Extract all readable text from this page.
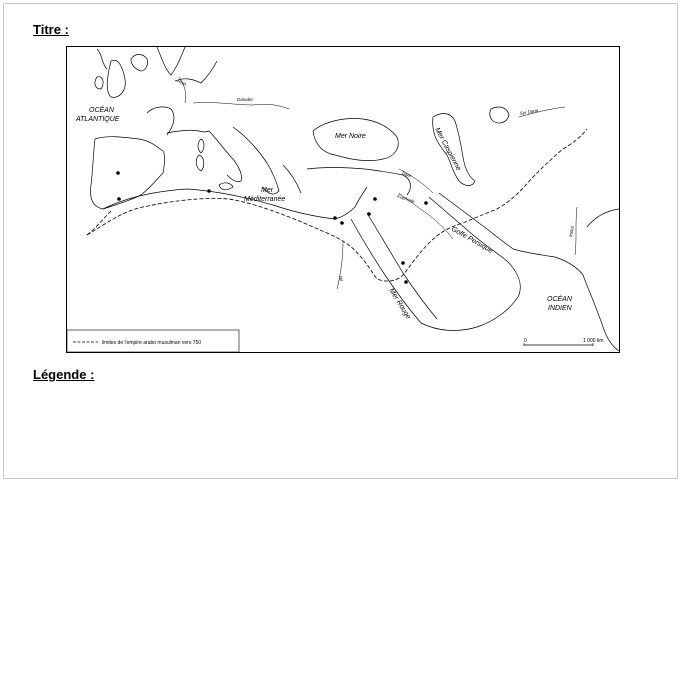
Titre :
OCÉAN
ATLANTIQUE
OCÉAN
INDIEN
Mer Noire
Mer
Méditerranée
Mer Caspienne
Mer Rouge
Golfe Persique
Rhin
Danube
Tigre
Euphrate
Nil
Syr Daria
Indus
limites de l'empire arabo musulman vers 750	0	1 000 km
Légende :
